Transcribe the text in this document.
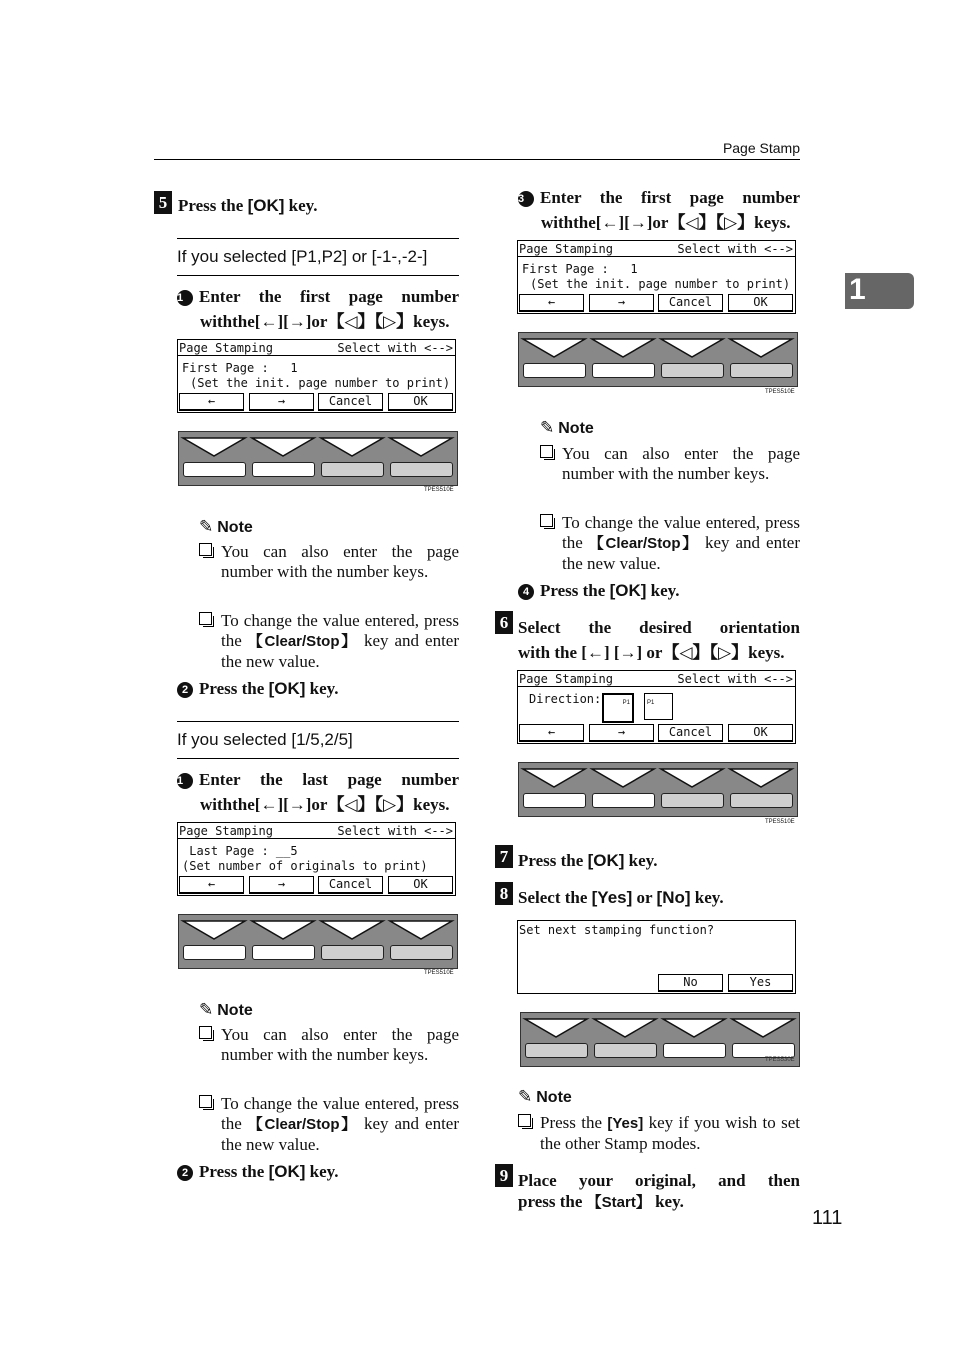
Page Stamp
1
111
5 Press the [OK] key.
If you selected [P1,P2] or [-1-,-2-]
1 Enter the first page number
withthe[←][→]or【◁】【▷】keys.
Page Stamping	Select with <-->
First Page :   1
(Set the init. page number to print)
←	→	Cancel	OK
TPES510E
✎ Note
You can also enter the page number with the number keys.
To change the value entered, press the 【Clear/Stop】 key and enter the new value.
2 Press the [OK] key.
If you selected [1/5,2/5]
1 Enter the last page number
withthe[←][→]or【◁】【▷】keys.
Page Stamping	Select with <-->
Last Page : __5
(Set number of originals to print)
←	→	Cancel	OK
TPES510E
✎ Note
You can also enter the page number with the number keys.
To change the value entered, press the 【Clear/Stop】 key and enter the new value.
2 Press the [OK] key.
3 Enter the first page number
withthe[←][→]or【◁】【▷】keys.
Page Stamping	Select with <-->
First Page :   1
(Set the init. page number to print)
←	→	Cancel	OK
TPES510E
✎ Note
You can also enter the page number with the number keys.
To change the value entered, press the 【Clear/Stop】 key and enter the new value.
4 Press the [OK] key.
6 Select the desired orientation
with the [←] [→] or【◁】【▷】keys.
Page Stamping	Select with <-->
Direction:	P1	P1
←	→	Cancel	OK
TPES510E
7 Press the [OK] key.
8 Select the [Yes] or [No] key.
Set next stamping function?
No	Yes
TPES530E
✎ Note
Press the [Yes] key if you wish to set the other Stamp modes.
9 Place your original, and then
press the 【Start】 key.
